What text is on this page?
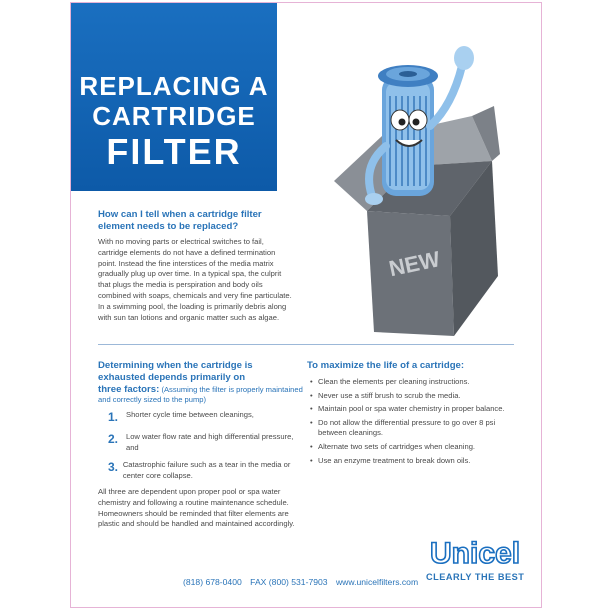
REPLACING A

CARTRIDGE

FILTER

NEW

How can I tell when a cartridge filter element needs to be replaced?

With no moving parts or electrical switches to fail, cartridge elements do not have a defined termination point. Instead the fine interstices of the media matrix gradually plug up over time. In a typical spa, the culprit that plugs the media is perspiration and body oils combined with soaps, chemicals and very fine particulate. In a swimming pool, the loading is primarily debris along with sun tan lotions and organic matter such as algae.

Determining when the cartridge is exhausted depends primarily on

three factors: (Assuming the filter is properly maintained and correctly sized to the pump)
1.	Shorter cycle time between cleanings,
2.	Low water flow rate and high differential pressure, and
3. Catastrophic failure such as a tear in the media or center core collapse.

All three are dependent upon proper pool or spa water chemistry and following a routine maintenance schedule. Homeowners should be reminded that filter elements are plastic and should be handled and maintained accordingly.

To maximize the life of a cartridge:

• Clean the elements per cleaning instructions.
• Never use a stiff brush to scrub the media.
• Maintain pool or spa water chemistry in proper balance.
• Do not allow the differential pressure to go over 8 psi between cleanings.
• Alternate two sets of cartridges when cleaning.
• Use an enzyme treatment to break down oils.
(818) 678-0400 FAX (800) 531-7903 www.unicelfilters.com
Unicel
CLEARLY THE BEST
